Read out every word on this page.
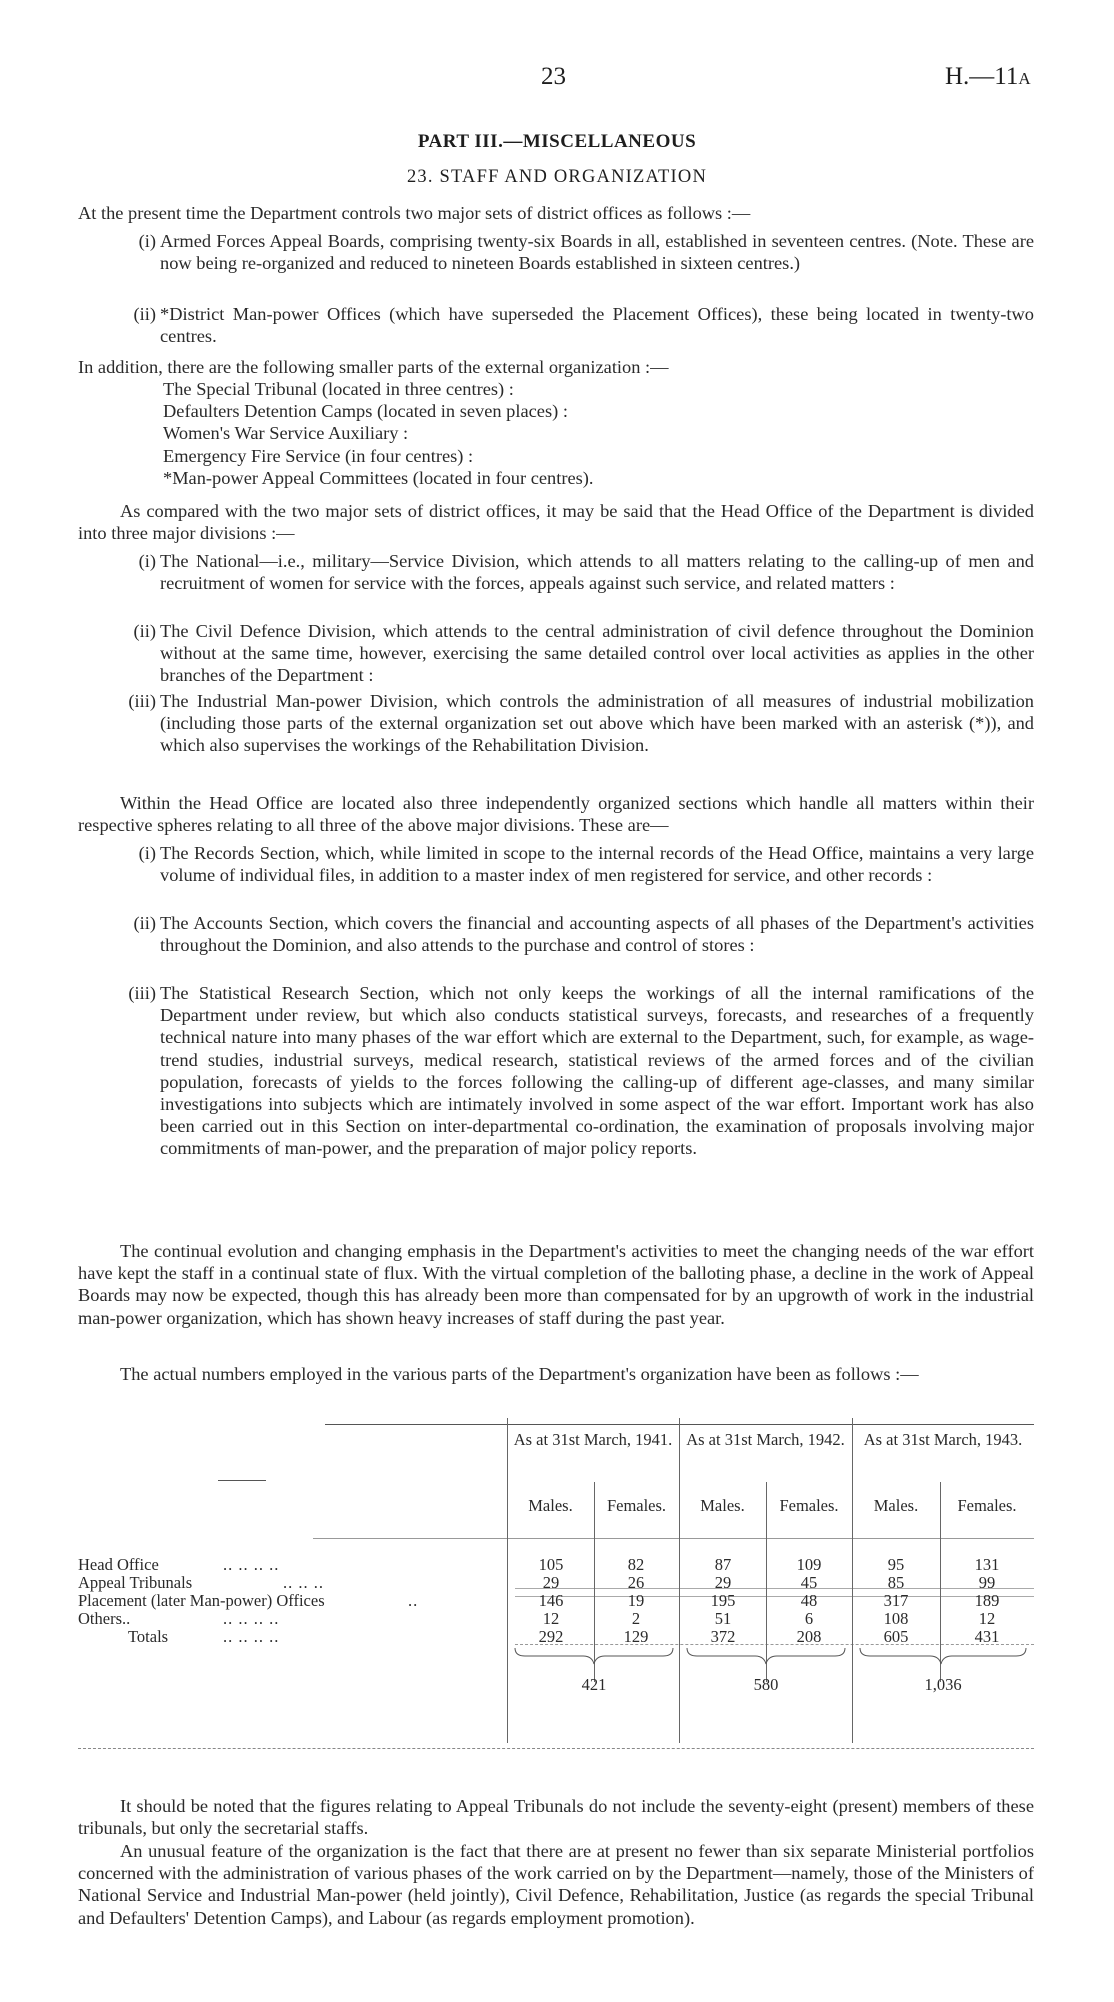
23	H.—11A
PART III.—MISCELLANEOUS
23. STAFF AND ORGANIZATION
At the present time the Department controls two major sets of district offices as follows :—
(i) Armed Forces Appeal Boards, comprising twenty-six Boards in all, established in seventeen centres. (Note. These are now being re-organized and reduced to nineteen Boards established in sixteen centres.)
(ii) *District Man-power Offices (which have superseded the Placement Offices), these being located in twenty-two centres.
In addition, there are the following smaller parts of the external organization :—
The Special Tribunal (located in three centres) :
Defaulters Detention Camps (located in seven places) :
Women's War Service Auxiliary :
Emergency Fire Service (in four centres) :
*Man-power Appeal Committees (located in four centres).
As compared with the two major sets of district offices, it may be said that the Head Office of the Department is divided into three major divisions :—
(i) The National—i.e., military—Service Division, which attends to all matters relating to the calling-up of men and recruitment of women for service with the forces, appeals against such service, and related matters :
(ii) The Civil Defence Division, which attends to the central administration of civil defence throughout the Dominion without at the same time, however, exercising the same detailed control over local activities as applies in the other branches of the Department :
(iii) The Industrial Man-power Division, which controls the administration of all measures of industrial mobilization (including those parts of the external organization set out above which have been marked with an asterisk (*)), and which also supervises the workings of the Rehabilitation Division.
Within the Head Office are located also three independently organized sections which handle all matters within their respective spheres relating to all three of the above major divisions. These are—
(i) The Records Section, which, while limited in scope to the internal records of the Head Office, maintains a very large volume of individual files, in addition to a master index of men registered for service, and other records :
(ii) The Accounts Section, which covers the financial and accounting aspects of all phases of the Department's activities throughout the Dominion, and also attends to the purchase and control of stores :
(iii) The Statistical Research Section, which not only keeps the workings of all the internal ramifications of the Department under review, but which also conducts statistical surveys, forecasts, and researches of a frequently technical nature into many phases of the war effort which are external to the Department, such, for example, as wage-trend studies, industrial surveys, medical research, statistical reviews of the armed forces and of the civilian population, forecasts of yields to the forces following the calling-up of different age-classes, and many similar investigations into subjects which are intimately involved in some aspect of the war effort. Important work has also been carried out in this Section on inter-departmental co-ordination, the examination of proposals involving major commitments of man-power, and the preparation of major policy reports.
The continual evolution and changing emphasis in the Department's activities to meet the changing needs of the war effort have kept the staff in a continual state of flux. With the virtual completion of the balloting phase, a decline in the work of Appeal Boards may now be expected, though this has already been more than compensated for by an upgrowth of work in the industrial man-power organization, which has shown heavy increases of staff during the past year.
The actual numbers employed in the various parts of the Department's organization have been as follows :—
As at 31st March, 1941. As at 31st March, 1942.	As at 31st March, 1943.
Males.	Females.	Males.	Females.	Males.	Females.
Head Office	.. .. .. ..	105	82	87	109	95	131
Appeal Tribunals	.. .. ..	29	26	29	45	85	99
Placement (later Man-power) Offices	..	146	19	195	48	317	189
Others..	.. .. .. ..	12	2	51	6	108	12
Totals	.. .. .. ..	292	129	372	208	605	431
421	580	1,036
It should be noted that the figures relating to Appeal Tribunals do not include the seventy-eight (present) members of these tribunals, but only the secretarial staffs.
An unusual feature of the organization is the fact that there are at present no fewer than six separate Ministerial portfolios concerned with the administration of various phases of the work carried on by the Department—namely, those of the Ministers of National Service and Industrial Man-power (held jointly), Civil Defence, Rehabilitation, Justice (as regards the special Tribunal and Defaulters' Detention Camps), and Labour (as regards employment promotion).
